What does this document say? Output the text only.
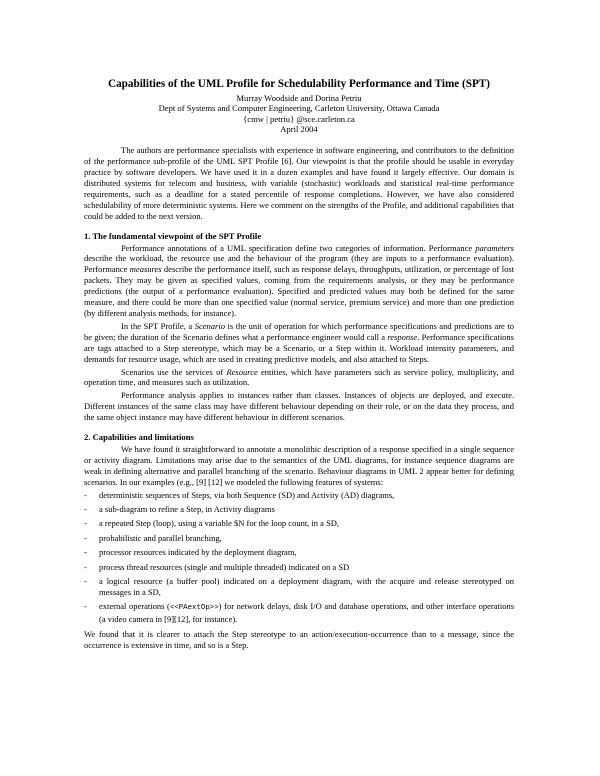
Capabilities of the UML Profile for Schedulability Performance and Time (SPT)
Murray Woodside and Dorina Petriu
Dept of Systems and Computer Engineering, Carleton University, Ottawa Canada
{cmw | petriu} @sce.carleton.ca
April 2004

The authors are performance specialists with experience in software engineering, and contributors to the definition of the performance sub-profile of the UML SPT Profile [6]. Our viewpoint is that the profile should be usable in everyday practice by software developers. We have used it in a dozen examples and have found it largely effective. Our domain is distributed systems for telecom and business, with variable (stochastic) workloads and statistical real-time performance requirements, such as a deadline for a stated percentile of response completions. However, we have also considered schedulability of more deterministic systems. Here we comment on the strengths of the Profile, and additional capabilities that could be added to the next version.

1. The fundamental viewpoint of the SPT Profile

Performance annotations of a UML specification define two categories of information. Performance parameters describe the workload, the resource use and the behaviour of the program (they are inputs to a performance evaluation). Performance measures describe the performance itself, such as response delays, throughputs, utilization, or percentage of lost packets. They may be given as specified values, coming from the requirements analysis, or they may be performance predictions (the output of a performance evaluation). Specified and predicted values may both be defined for the same measure, and there could be more than one specified value (normal service, premium service) and more than one prediction (by different analysis methods, for instance).

In the SPT Profile, a Scenario is the unit of operation for which performance specifications and predictions are to be given; the duration of the Scenario defines what a performance engineer would call a response. Performance specifications are tags attached to a Step stereotype, which may be a Scenario, or a Step within it. Workload intensity parameters, and demands for resource usage, which are used in creating predictive models, and also attached to Steps.

Scenarios use the services of Resource entities, which have parameters such as service policy, multiplicity, and operation time, and measures such as utilization.

Performance analysis applies to instances rather than classes. Instances of objects are deployed, and execute. Different instances of the same class may have different behaviour depending on their role, or on the data they process, and the same object instance may have different behaviour in different scenarios.

2. Capabilities and limitations

We have found it straightforward to annotate a monolithic description of a response specified in a single sequence or activity diagram. Limitations may arise due to the semantics of the UML diagrams, for instance sequence diagrams are weak in defining alternative and parallel branching of the scenario. Behaviour diagrams in UML 2 appear better for defining scenarios. In our examples (e.g., [9] [12] we modeled the following features of systems:

- deterministic sequences of Steps, via both Sequence (SD) and Activity (AD) diagrams,
- a sub-diagram to refine a Step, in Activity diagrams
- a repeated Step (loop), using a variable $N for the loop count, in a SD,
- probabilistic and parallel branching,
- processor resources indicated by the deployment diagram,
- process thread resources (single and multiple threaded) indicated on a SD
- a logical resource (a buffer pool) indicated on a deployment diagram, with the acquire and release stereotyped on messages in a SD,
- external operations (<<PAextOp>>) for network delays, disk I/O and database operations, and other interface operations (a video camera in [9][12], for instance).

We found that it is clearer to attach the Step stereotype to an action/execution-occurrence than to a message, since the occurrence is extensive in time, and so is a Step.
